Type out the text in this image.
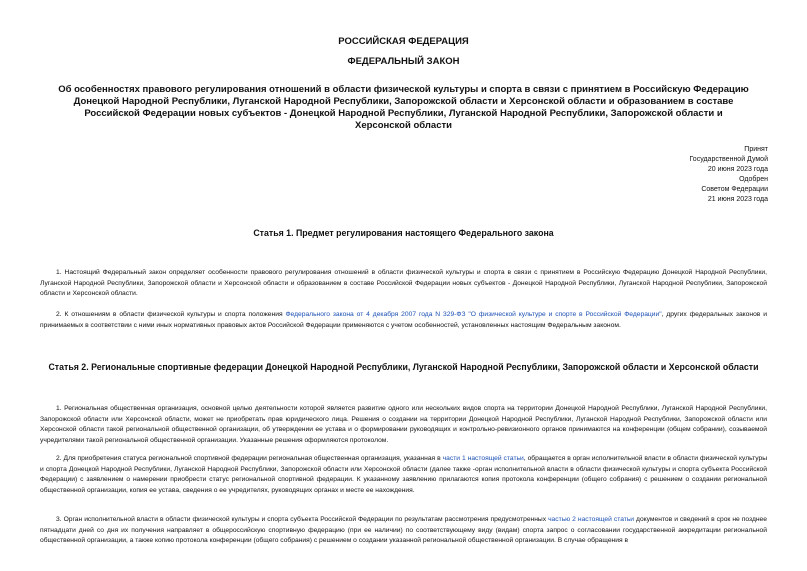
РОССИЙСКАЯ ФЕДЕРАЦИЯ
ФЕДЕРАЛЬНЫЙ ЗАКОН
Об особенностях правового регулирования отношений в области физической культуры и спорта в связи с принятием в Российскую Федерацию Донецкой Народной Республики, Луганской Народной Республики, Запорожской области и Херсонской области и образованием в составе Российской Федерации новых субъектов - Донецкой Народной Республики, Луганской Народной Республики, Запорожской области и Херсонской области
Принят
Государственной Думой
20 июня 2023 года
Одобрен
Советом Федерации
21 июня 2023 года
Статья 1. Предмет регулирования настоящего Федерального закона
1. Настоящий Федеральный закон определяет особенности правового регулирования отношений в области физической культуры и спорта в связи с принятием в Российскую Федерацию Донецкой Народной Республики, Луганской Народной Республики, Запорожской области и Херсонской области и образованием в составе Российской Федерации новых субъектов - Донецкой Народной Республики, Луганской Народной Республики, Запорожской области и Херсонской области.
2. К отношениям в области физической культуры и спорта положения Федерального закона от 4 декабря 2007 года N 329-ФЗ "О физической культуре и спорте в Российской Федерации", других федеральных законов и принимаемых в соответствии с ними иных нормативных правовых актов Российской Федерации применяются с учетом особенностей, установленных настоящим Федеральным законом.
Статья 2. Региональные спортивные федерации Донецкой Народной Республики, Луганской Народной Республики, Запорожской области и Херсонской области
1. Региональная общественная организация, основной целью деятельности которой является развитие одного или нескольких видов спорта на территории Донецкой Народной Республики, Луганской Народной Республики, Запорожской области или Херсонской области, может не приобретать прав юридического лица. Решения о создании на территории Донецкой Народной Республики, Луганской Народной Республики, Запорожской области или Херсонской области такой региональной общественной организации, об утверждении ее устава и о формировании руководящих и контрольно-ревизионного органов принимаются на конференции (общем собрании), созываемой учредителями такой региональной общественной организации. Указанные решения оформляются протоколом.
2. Для приобретения статуса региональной спортивной федерации региональная общественная организация, указанная в части 1 настоящей статьи, обращается в орган исполнительной власти в области физической культуры и спорта Донецкой Народной Республики, Луганской Народной Республики, Запорожской области или Херсонской области (далее также -орган исполнительной власти в области физической культуры и спорта субъекта Российской Федерации) с заявлением о намерении приобрести статус региональной спортивной федерации. К указанному заявлению прилагаются копия протокола конференции (общего собрания) с решением о создании региональной общественной организации, копия ее устава, сведения о ее учредителях, руководящих органах и месте ее нахождения.
3. Орган исполнительной власти в области физической культуры и спорта субъекта Российской Федерации по результатам рассмотрения предусмотренных частью 2 настоящей статьи документов и сведений в срок не позднее пятнадцати дней со дня их получения направляет в общероссийскую спортивную федерацию (при ее наличии) по соответствующему виду (видам) спорта запрос о согласовании государственной аккредитации региональной общественной организации, а также копию протокола конференции (общего собрания) с решением о создании указанной региональной общественной организации. В случае обращения в
